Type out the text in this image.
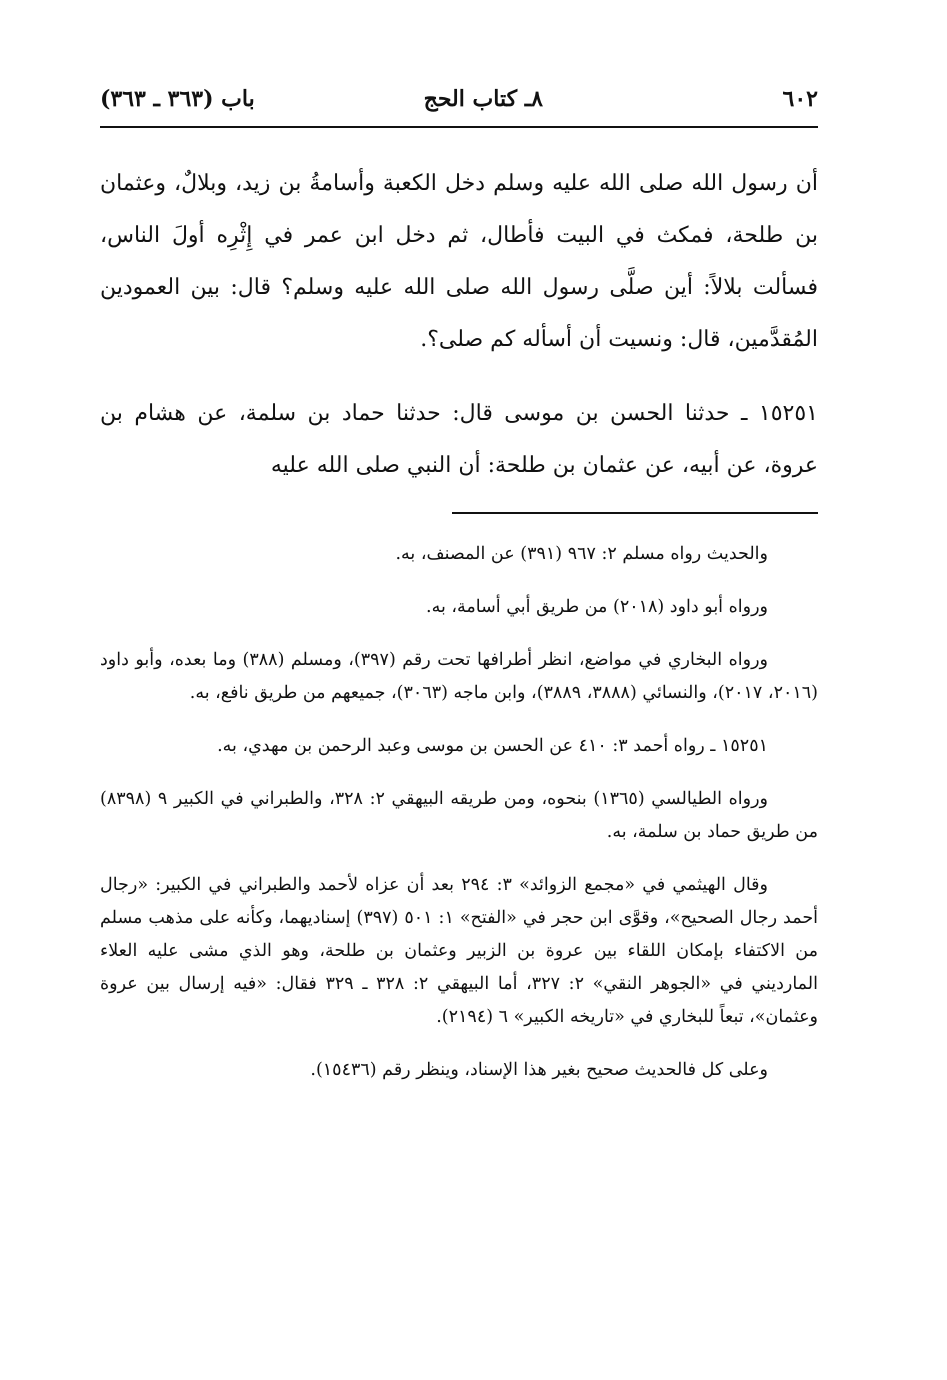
٦٠٢
٨ـ كتاب الحج
باب (٣٦٣ ـ ٣٦٣)

أن رسول الله صلى الله عليه وسلم دخل الكعبة وأسامةُ بن زيد، وبلالٌ، وعثمان بن طلحة، فمكث في البيت فأطال، ثم دخل ابن عمر في إِثْرِه أولَ الناس، فسألت بلالاً: أين صلَّى رسول الله صلى الله عليه وسلم؟ قال: بين العمودين المُقدَّمين، قال: ونسيت أن أسأله كم صلى؟.

١٥٢٥١ ـ حدثنا الحسن بن موسى قال: حدثنا حماد بن سلمة، عن هشام بن عروة، عن أبيه، عن عثمان بن طلحة: أن النبي صلى الله عليه

والحديث رواه مسلم ٢: ٩٦٧ (٣٩١) عن المصنف، به.

ورواه أبو داود (٢٠١٨) من طريق أبي أسامة، به.

ورواه البخاري في مواضع، انظر أطرافها تحت رقم (٣٩٧)، ومسلم (٣٨٨) وما بعده، وأبو داود (٢٠١٦، ٢٠١٧)، والنسائي (٣٨٨٨، ٣٨٨٩)، وابن ماجه (٣٠٦٣)، جميعهم من طريق نافع، به.

١٥٢٥١ ـ رواه أحمد ٣: ٤١٠ عن الحسن بن موسى وعبد الرحمن بن مهدي، به.

ورواه الطيالسي (١٣٦٥) بنحوه، ومن طريقه البيهقي ٢: ٣٢٨، والطبراني في الكبير ٩ (٨٣٩٨) من طريق حماد بن سلمة، به.

وقال الهيثمي في «مجمع الزوائد» ٣: ٢٩٤ بعد أن عزاه لأحمد والطبراني في الكبير: «رجال أحمد رجال الصحيح»، وقوَّى ابن حجر في «الفتح» ١: ٥٠١ (٣٩٧) إسناديهما، وكأنه على مذهب مسلم من الاكتفاء بإمكان اللقاء بين عروة بن الزبير وعثمان بن طلحة، وهو الذي مشى عليه العلاء المارديني في «الجوهر النقي» ٢: ٣٢٧، أما البيهقي ٢: ٣٢٨ ـ ٣٢٩ فقال: «فيه إرسال بين عروة وعثمان»، تبعاً للبخاري في «تاريخه الكبير» ٦ (٢١٩٤).

وعلى كل فالحديث صحيح بغير هذا الإسناد، وينظر رقم (١٥٤٣٦).
